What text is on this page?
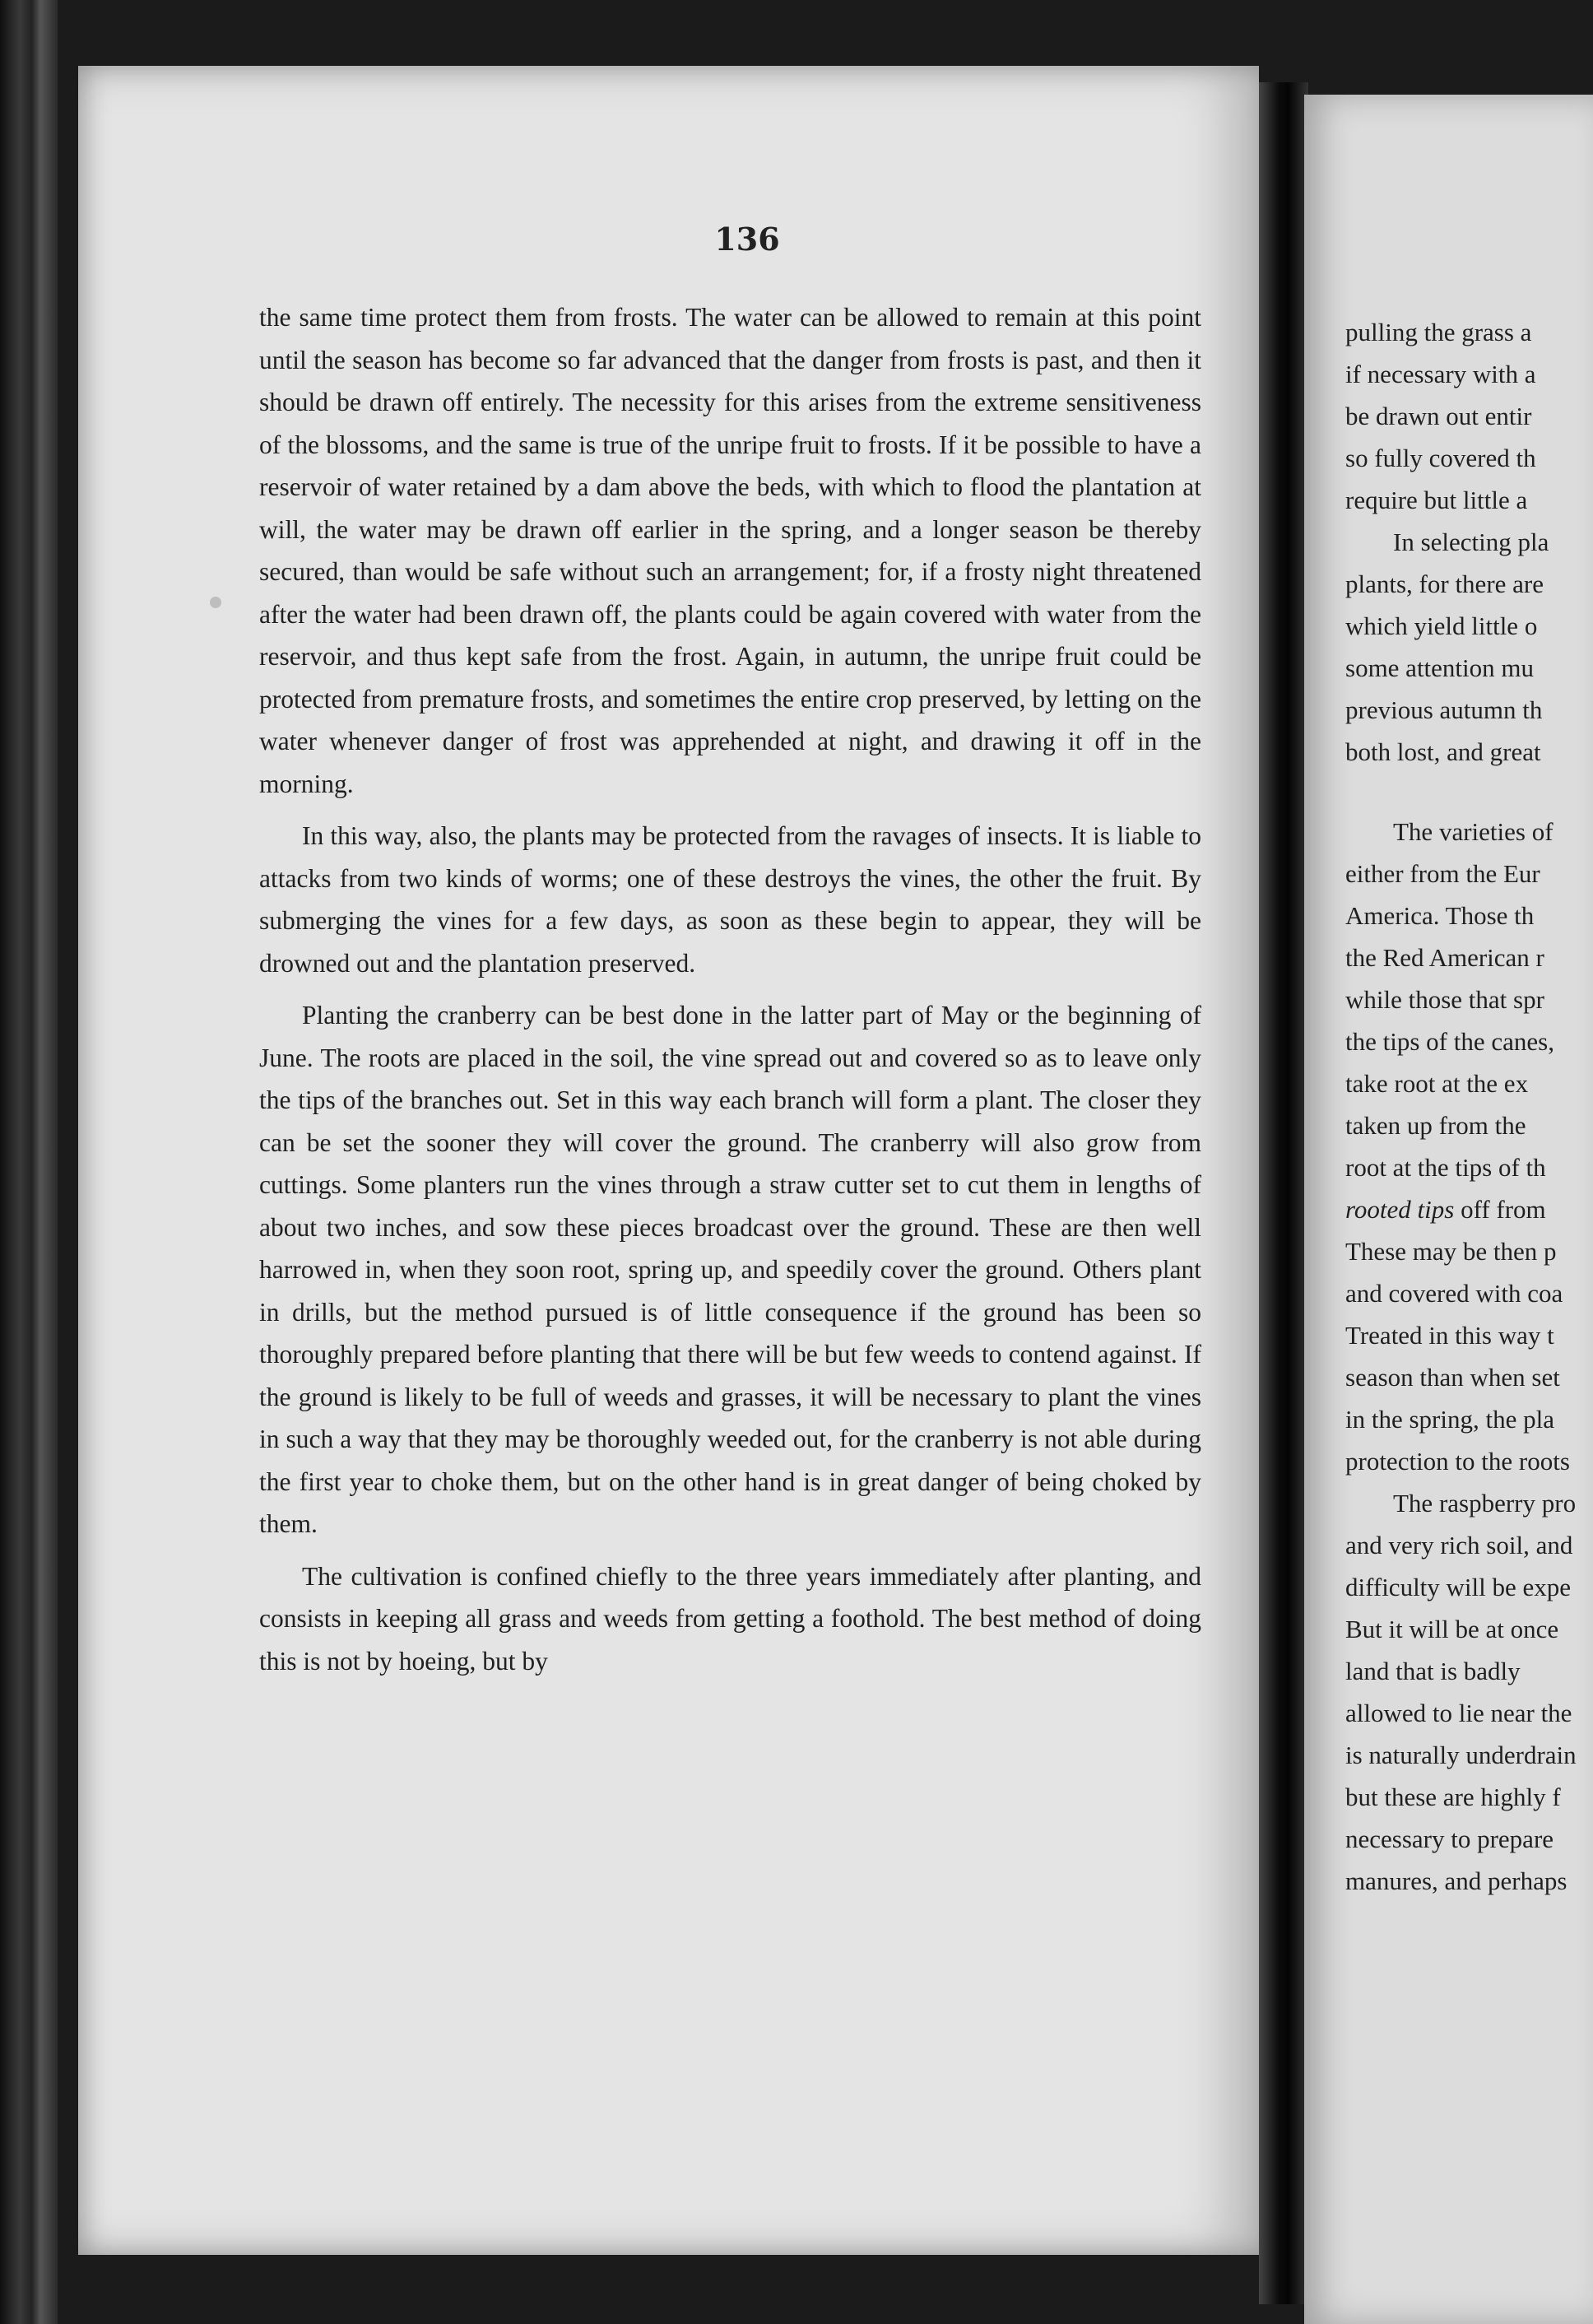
136

the same time protect them from frosts. The water can be allowed to remain at this point until the season has become so far advanced that the danger from frosts is past, and then it should be drawn off entirely. The necessity for this arises from the extreme sensitiveness of the blossoms, and the same is true of the unripe fruit to frosts. If it be possible to have a reservoir of water retained by a dam above the beds, with which to flood the plantation at will, the water may be drawn off earlier in the spring, and a longer season be thereby secured, than would be safe without such an arrangement; for, if a frosty night threatened after the water had been drawn off, the plants could be again covered with water from the reservoir, and thus kept safe from the frost. Again, in autumn, the unripe fruit could be protected from premature frosts, and sometimes the entire crop preserved, by letting on the water whenever danger of frost was apprehended at night, and drawing it off in the morning.

In this way, also, the plants may be protected from the ravages of insects. It is liable to attacks from two kinds of worms; one of these destroys the vines, the other the fruit. By submerging the vines for a few days, as soon as these begin to appear, they will be drowned out and the plantation preserved.

Planting the cranberry can be best done in the latter part of May or the beginning of June. The roots are placed in the soil, the vine spread out and covered so as to leave only the tips of the branches out. Set in this way each branch will form a plant. The closer they can be set the sooner they will cover the ground. The cranberry will also grow from cuttings. Some planters run the vines through a straw cutter set to cut them in lengths of about two inches, and sow these pieces broadcast over the ground. These are then well harrowed in, when they soon root, spring up, and speedily cover the ground. Others plant in drills, but the method pursued is of little consequence if the ground has been so thoroughly prepared before planting that there will be but few weeds to contend against. If the ground is likely to be full of weeds and grasses, it will be necessary to plant the vines in such a way that they may be thoroughly weeded out, for the cranberry is not able during the first year to choke them, but on the other hand is in great danger of being choked by them.

The cultivation is confined chiefly to the three years immediately after planting, and consists in keeping all grass and weeds from getting a foothold. The best method of doing this is not by hoeing, but by

pulling the grass a
if necessary with a
be drawn out entir
so fully covered th
require but little a
In selecting pla
plants, for there are
which yield little o
some attention mu
previous autumn th
both lost, and great
The varieties of
either from the Eur
America. Those th
the Red American r
while those that spr
the tips of the canes,
take root at the ex
taken up from the
root at the tips of th
rooted tips off from
These may be then p
and covered with coa
Treated in this way t
season than when set
in the spring, the pla
protection to the roots
The raspberry pro
and very rich soil, and
difficulty will be expe
But it will be at once
land that is badly
allowed to lie near the
is naturally underdrain
but these are highly f
necessary to prepare
manures, and perhaps
